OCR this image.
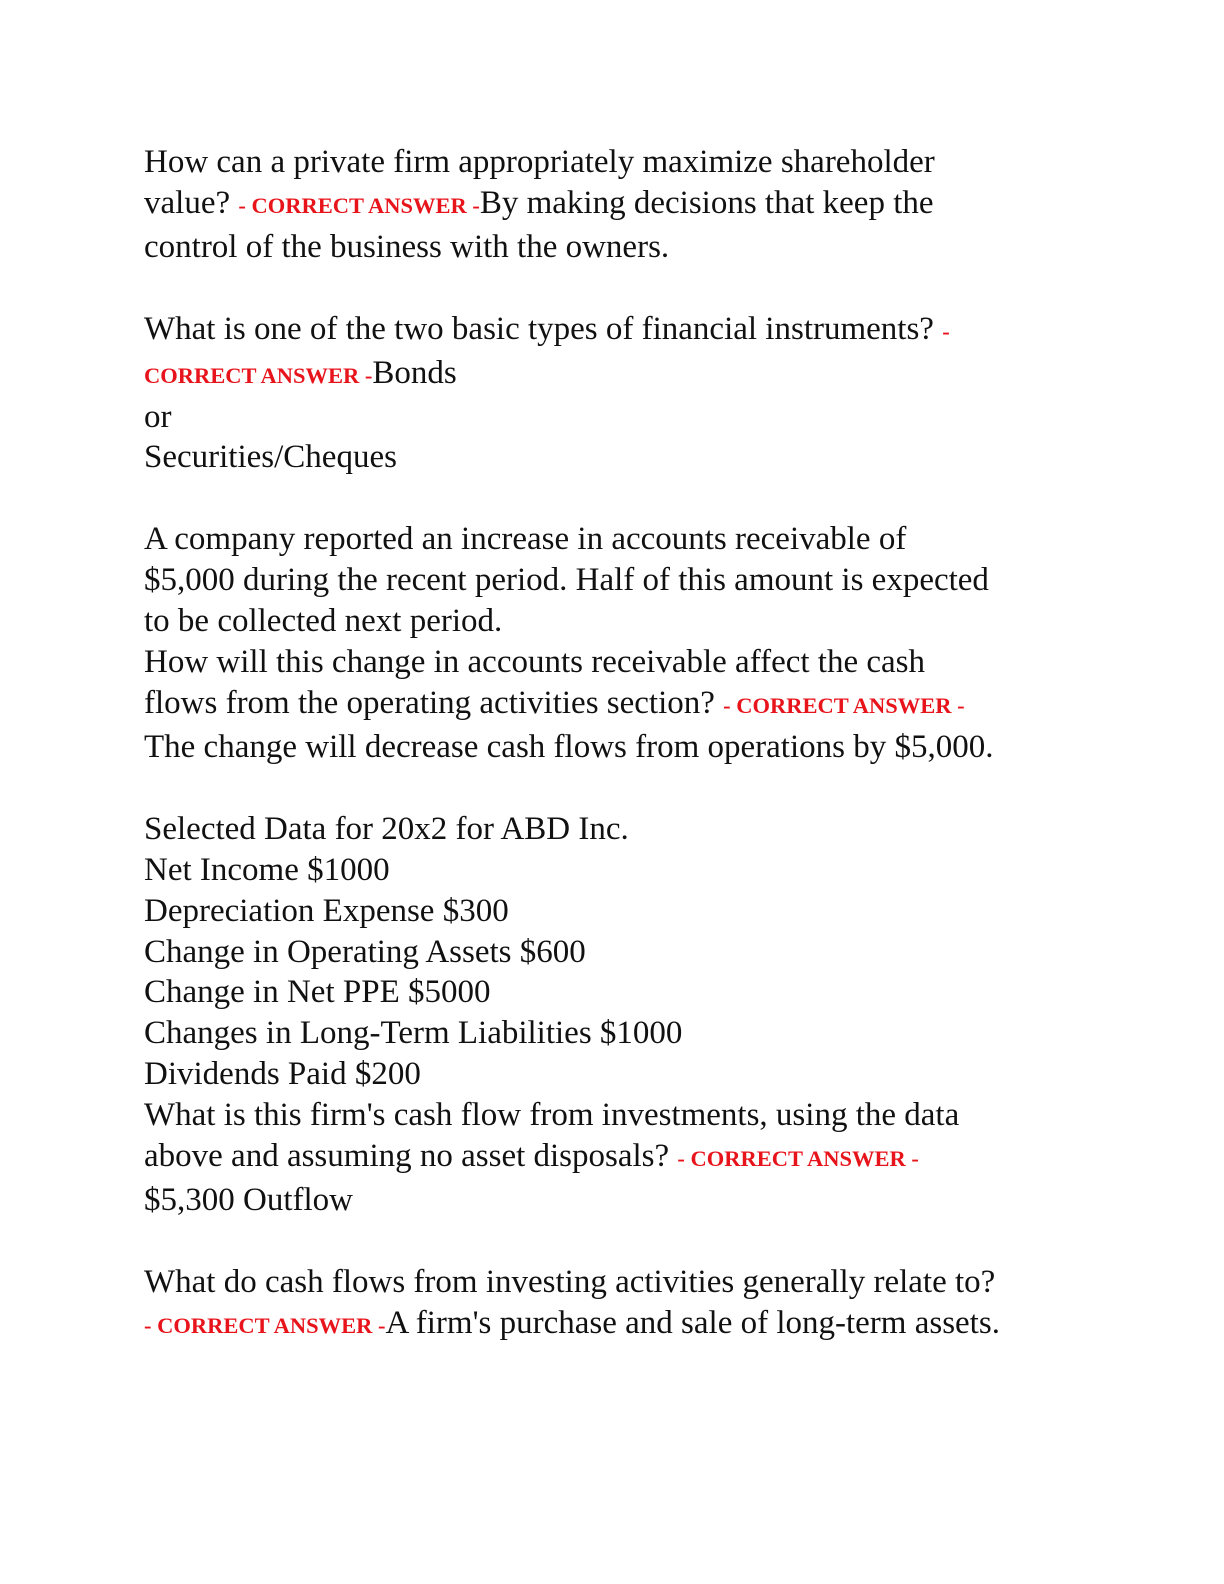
How can a private firm appropriately maximize shareholder
value? - CORRECT ANSWER -By making decisions that keep the
control of the business with the owners.
What is one of the two basic types of financial instruments? -
CORRECT ANSWER -Bonds
or
Securities/Cheques
A company reported an increase in accounts receivable of
$5,000 during the recent period. Half of this amount is expected
to be collected next period.
How will this change in accounts receivable affect the cash
flows from the operating activities section? - CORRECT ANSWER -
The change will decrease cash flows from operations by $5,000.
Selected Data for 20x2 for ABD Inc.
Net Income $1000
Depreciation Expense $300
Change in Operating Assets $600
Change in Net PPE $5000
Changes in Long-Term Liabilities $1000
Dividends Paid $200
What is this firm's cash flow from investments, using the data
above and assuming no asset disposals? - CORRECT ANSWER -
$5,300 Outflow
What do cash flows from investing activities generally relate to?
- CORRECT ANSWER -A firm's purchase and sale of long-term assets.
